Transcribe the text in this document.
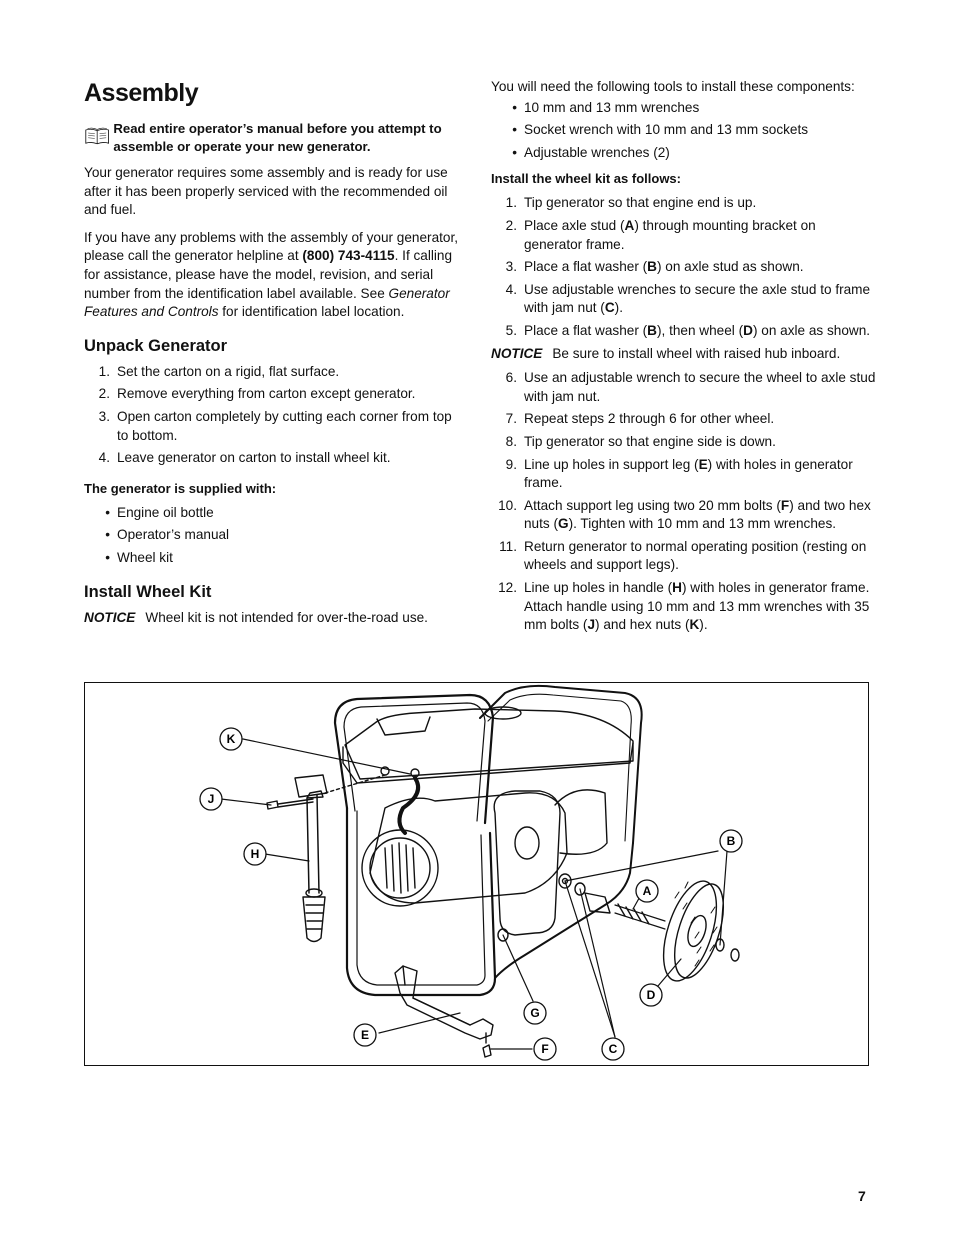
Assembly
Read entire operator’s manual before you attempt to assemble or operate your new generator.

Your generator requires some assembly and is ready for use after it has been properly serviced with the recommended oil and fuel.

If you have any problems with the assembly of your generator, please call the generator helpline at (800) 743-4115. If calling for assistance, please have the model, revision, and serial number from the identification label available. See Generator Features and Controls for identification label location.

Unpack Generator
1. Set the carton on a rigid, flat surface.
2. Remove everything from carton except generator.
3. Open carton completely by cutting each corner from top to bottom.
4. Leave generator on carton to install wheel kit.
The generator is supplied with:
• Engine oil bottle
• Operator’s manual
• Wheel kit
Install Wheel Kit
NOTICE Wheel kit is not intended for over-the-road use.

You will need the following tools to install these components:

• 10 mm and 13 mm wrenches
• Socket wrench with 10 mm and 13 mm sockets
• Adjustable wrenches (2)
Install the wheel kit as follows:
1. Tip generator so that engine end is up.
2. Place axle stud (A) through mounting bracket on generator frame.
3. Place a flat washer (B) on axle stud as shown.
4. Use adjustable wrenches to secure the axle stud to frame with jam nut (C).
5. Place a flat washer (B), then wheel (D) on axle as shown.
NOTICE Be sure to install wheel with raised hub inboard.
6. Use an adjustable wrench to secure the wheel to axle stud with jam nut.
7. Repeat steps 2 through 6 for other wheel.
8. Tip generator so that engine side is down.
9. Line up holes in support leg (E) with holes in generator frame.
10. Attach support leg using two 20 mm bolts (F) and two hex nuts (G). Tighten with 10 mm and 13 mm wrenches.
11. Return generator to normal operating position (resting on wheels and support legs).
12. Line up holes in handle (H) with holes in generator frame. Attach handle using 10 mm and 13 mm wrenches with 35 mm bolts (J) and hex nuts (K).
K
J
H
B
A
G
D
E
F	C
7
